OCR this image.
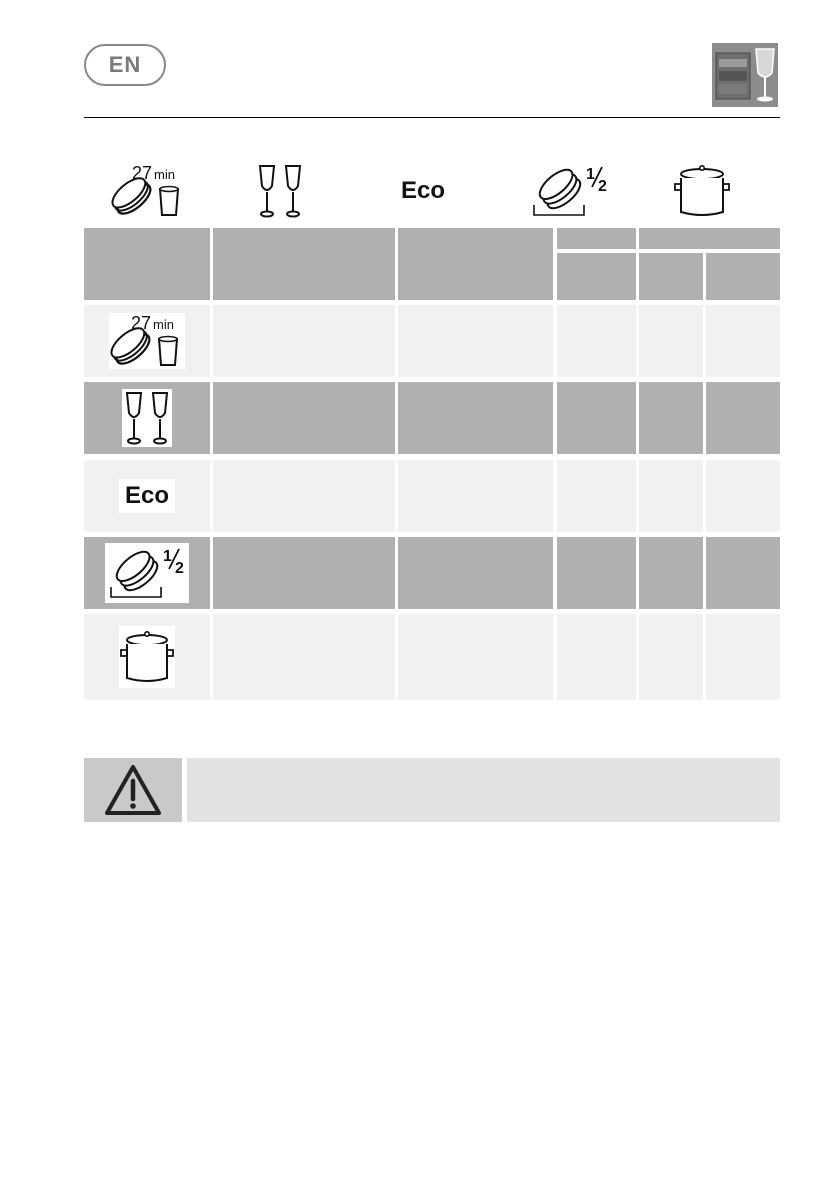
EN
27 min
Eco
1
2
27 min
Eco
1
2
